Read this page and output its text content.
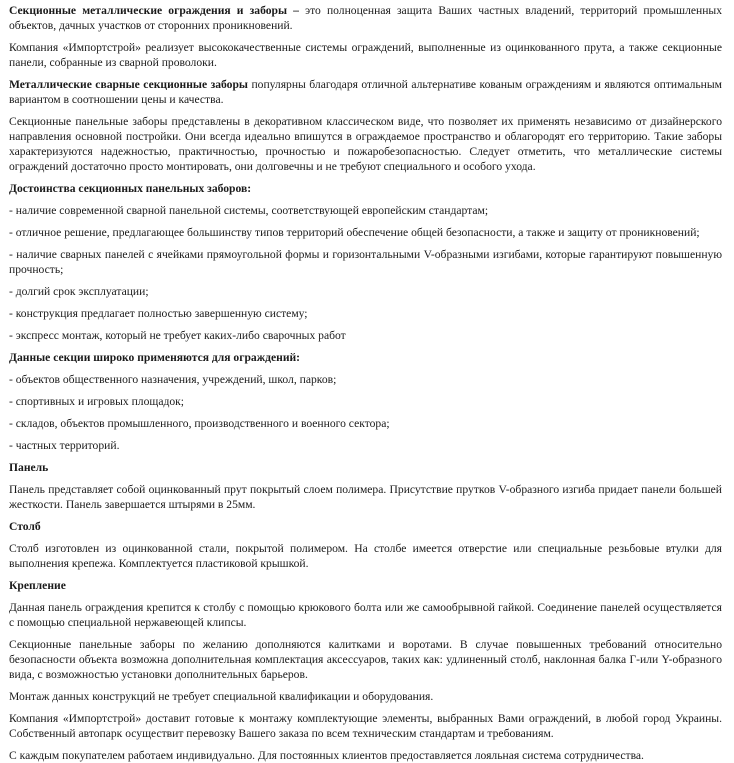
Секционные металлические ограждения и заборы – это полноценная защита Ваших частных владений, территорий промышленных объектов, дачных участков от сторонних проникновений.

Компания «Импортстрой» реализует высококачественные системы ограждений, выполненные из оцинкованного прута, а также секционные панели, собранные из сварной проволоки.

Металлические сварные секционные заборы популярны благодаря отличной альтернативе кованым ограждениям и являются оптимальным вариантом в соотношении цены и качества.

Секционные панельные заборы представлены в декоративном классическом виде, что позволяет их применять независимо от дизайнерского направления основной постройки. Они всегда идеально впишутся в ограждаемое пространство и облагородят его территорию. Такие заборы характеризуются надежностью, практичностью, прочностью и пожаробезопасностью. Следует отметить, что металлические системы ограждений достаточно просто монтировать, они долговечны и не требуют специального и особого ухода.

Достоинства секционных панельных заборов:
- наличие современной сварной панельной системы, соответствующей европейским стандартам;
- отличное решение, предлагающее большинству типов территорий обеспечение общей безопасности, а также и защиту от проникновений;
- наличие сварных панелей с ячейками прямоугольной формы и горизонтальными V-образными изгибами, которые гарантируют повышенную прочность;
- долгий срок эксплуатации;
- конструкция предлагает полностью завершенную систему;
- экспресс монтаж, который не требует каких-либо сварочных работ
Данные секции широко применяются для ограждений:
- объектов общественного назначения, учреждений, школ, парков;
- спортивных и игровых площадок;
- складов, объектов промышленного, производственного и военного сектора;
- частных территорий.
Панель

Панель представляет собой оцинкованный прут покрытый слоем полимера. Присутствие прутков V-образного изгиба придает панели большей жесткости. Панель завершается штырями в 25мм.

Столб

Столб изготовлен из оцинкованной стали, покрытой полимером. На столбе имеется отверстие или специальные резьбовые втулки для выполнения крепежа. Комплектуется пластиковой крышкой.

Крепление

Данная панель ограждения крепится к столбу с помощью крюкового болта или же самообрывной гайкой. Соединение панелей осуществляется с помощью специальной нержавеющей клипсы.

Секционные панельные заборы по желанию дополняются калитками и воротами. В случае повышенных требований относительно безопасности объекта возможна дополнительная комплектация аксессуаров, таких как: удлиненный столб, наклонная балка Г-или Y-образного вида, с возможностью установки дополнительных барьеров.

Монтаж данных конструкций не требует специальной квалификации и оборудования.

Компания «Импортстрой» доставит готовые к монтажу комплектующие элементы, выбранных Вами ограждений, в любой город Украины. Собственный автопарк осуществит перевозку Вашего заказа по всем техническим стандартам и требованиям.

С каждым покупателем работаем индивидуально. Для постоянных клиентов предоставляется лояльная система сотрудничества.
